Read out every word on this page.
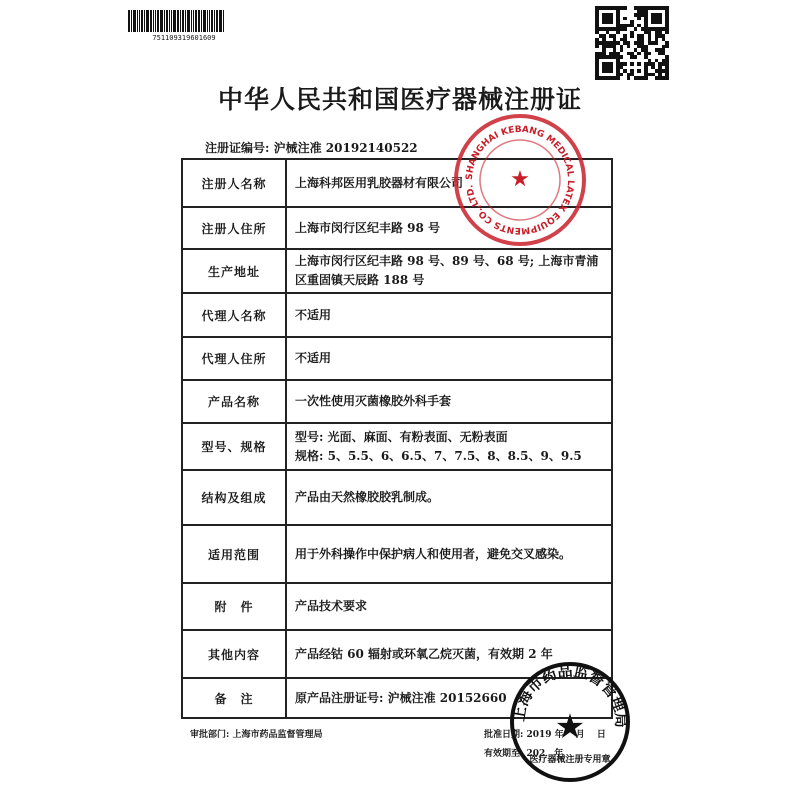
751109319601609
中华人民共和国医疗器械注册证
注册证编号: 沪械注准 20192140522
注册人名称	上海科邦医用乳胶器材有限公司

注册人住所	上海市闵行区纪丰路 98 号

生产地址	上海市闵行区纪丰路 98 号、89 号、68 号; 上海市青浦区重固镇天辰路 188 号

代理人名称	不适用

代理人住所	不适用

产品名称	一次性使用灭菌橡胶外科手套

型号、规格	型号: 光面、麻面、有粉表面、无粉表面
规格: 5、5.5、6、6.5、7、7.5、8、8.5、9、9.5

结构及组成	产品由天然橡胶胶乳制成。

适用范围	用于外科操作中保护病人和使用者，避免交叉感染。

附　件	产品技术要求

其他内容	产品经钴 60 辐射或环氧乙烷灭菌，有效期 2 年

备　注	原产品注册证号: 沪械注准 20152660
SHANGHAI KEBANG MEDICAL LATEX EQUIPMENTS CO.,LTD.	★
上海市药品监督管理局
★
医疗器械注册专用章
审批部门: 上海市药品监督管理局	批准日期: 2019 年 　月 　日
有效期至: 202　年
